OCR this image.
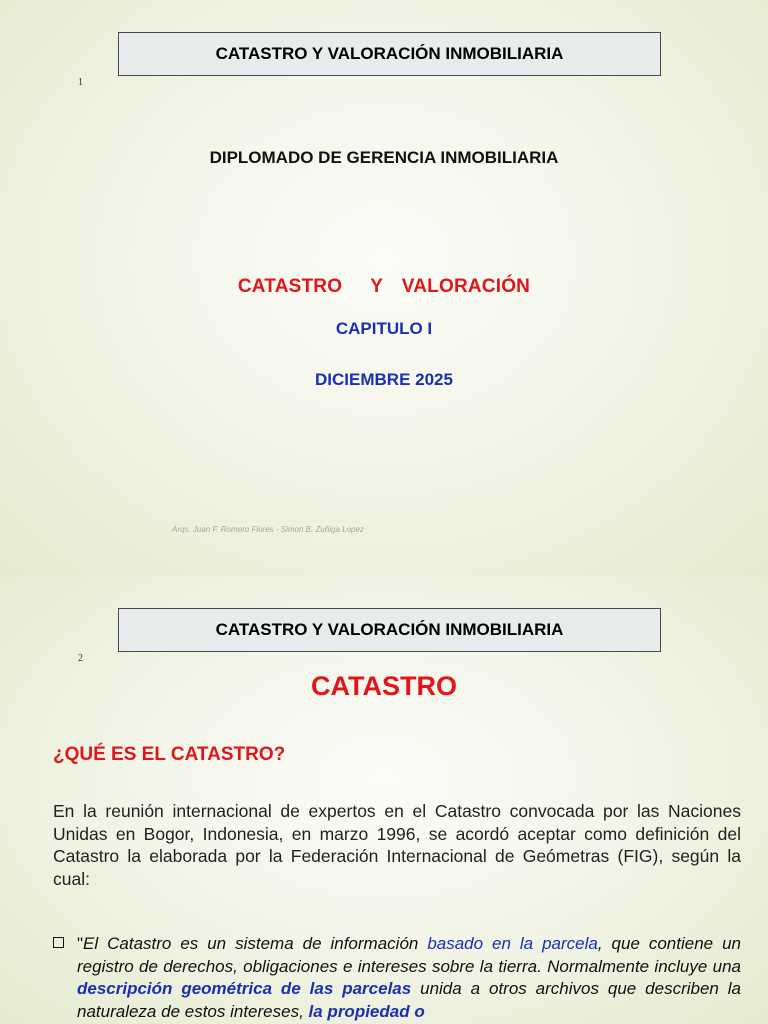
CATASTRO Y VALORACIÓN INMOBILIARIA
1
DIPLOMADO DE GERENCIA INMOBILIARIA
CATASTRO   Y  VALORACIÓN
CAPITULO I
DICIEMBRE 2025
Arqs. Juan F. Romero Flores - Simon B. Zuñiga Lopez
CATASTRO Y VALORACIÓN INMOBILIARIA
2
CATASTRO
¿QUÉ ES EL CATASTRO?
En la reunión internacional de expertos en el Catastro convocada por las Naciones Unidas en Bogor, Indonesia, en marzo 1996, se acordó aceptar como definición del Catastro la elaborada por la Federación Internacional de Geómetras (FIG), según la cual:
"El Catastro es un sistema de información basado en la parcela, que contiene un registro de derechos, obligaciones e intereses sobre la tierra. Normalmente incluye una descripción geométrica de las parcelas unida a otros archivos que describen la naturaleza de estos intereses, la propiedad o
